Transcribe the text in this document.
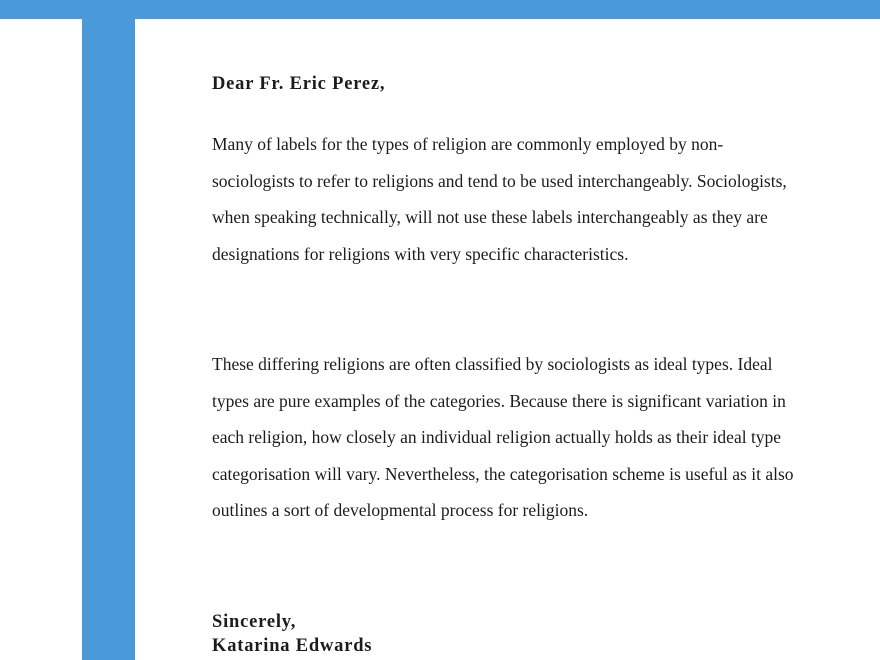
Dear Fr. Eric Perez,

Many of labels for the types of religion are commonly employed by non-sociologists to refer to religions and tend to be used interchangeably. Sociologists, when speaking technically, will not use these labels interchangeably as they are designations for religions with very specific characteristics.

These differing religions are often classified by sociologists as ideal types. Ideal types are pure examples of the categories. Because there is significant variation in each religion, how closely an individual religion actually holds as their ideal type categorisation will vary. Nevertheless, the categorisation scheme is useful as it also outlines a sort of developmental process for religions.

Sincerely,
Katarina Edwards
